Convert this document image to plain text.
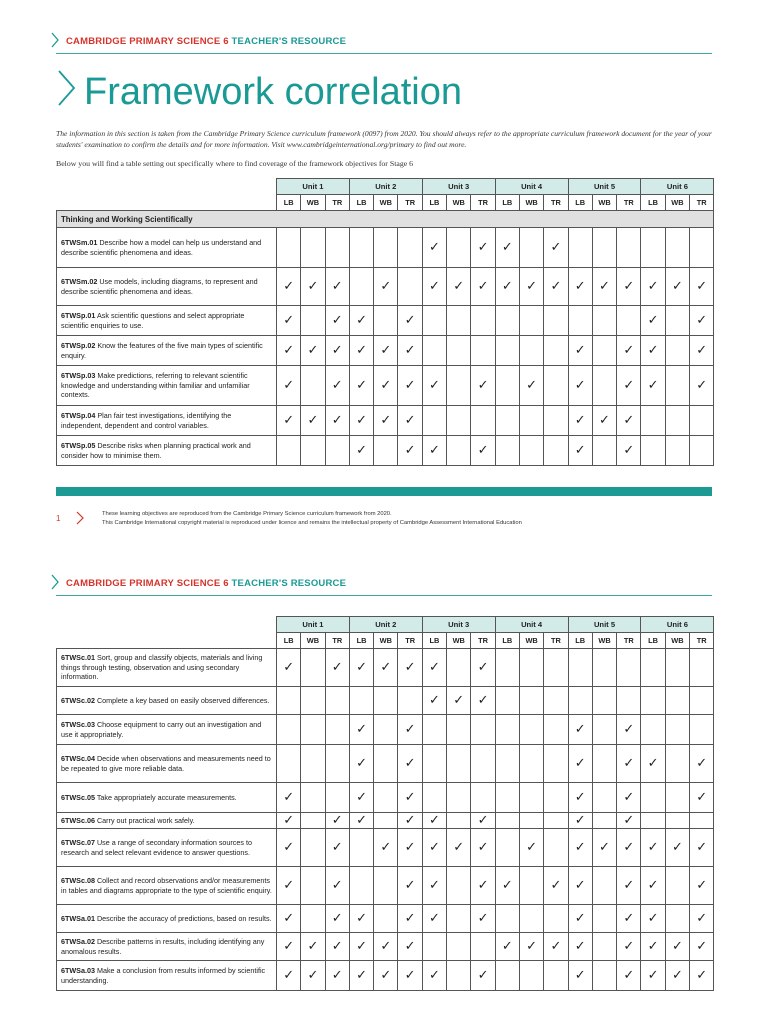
CAMBRIDGE PRIMARY SCIENCE 6 TEACHER'S RESOURCE
Framework correlation
The information in this section is taken from the Cambridge Primary Science curriculum framework (0097) from 2020. You should always refer to the appropriate curriculum framework document for the year of your students' examination to confirm the details and for more information. Visit www.cambridgeinternational.org/primary to find out more.
Below you will find a table setting out specifically where to find coverage of the framework objectives for Stage 6
	Unit 1			Unit 2			Unit 3			Unit 4			Unit 5			Unit 6		
	LB	WB	TR	LB	WB	TR	LB	WB	TR	LB	WB	TR	LB	WB	TR	LB	WB	TR
Thinking and Working Scientifically																		
6TWSm.01 Describe how a model can help us understand and describe scientific phenomena and ideas.							✓		✓	✓		✓						
6TWSm.02 Use models, including diagrams, to represent and describe scientific phenomena and ideas.	✓	✓	✓		✓		✓	✓	✓	✓	✓	✓	✓	✓	✓	✓	✓	✓
6TWSp.01 Ask scientific questions and select appropriate scientific enquiries to use.	✓		✓	✓		✓										✓		✓
6TWSp.02 Know the features of the five main types of scientific enquiry.	✓	✓	✓	✓	✓	✓							✓		✓	✓		✓
6TWSp.03 Make predictions, referring to relevant scientific knowledge and understanding within familiar and unfamiliar contexts.	✓		✓	✓	✓	✓	✓		✓		✓		✓		✓	✓		✓
6TWSp.04 Plan fair test investigations, identifying the independent, dependent and control variables.	✓	✓	✓	✓	✓	✓							✓	✓	✓			
6TWSp.05 Describe risks when planning practical work and consider how to minimise them.				✓		✓	✓		✓				✓		✓			
1	These learning objectives are reproduced from the Cambridge Primary Science curriculum framework from 2020.
This Cambridge International copyright material is reproduced under licence and remains the intellectual property of Cambridge Assessment International Education
CAMBRIDGE PRIMARY SCIENCE 6 TEACHER'S RESOURCE
	Unit 1			Unit 2			Unit 3			Unit 4			Unit 5			Unit 6		
	LB	WB	TR	LB	WB	TR	LB	WB	TR	LB	WB	TR	LB	WB	TR	LB	WB	TR
6TWSc.01 Sort, group and classify objects, materials and living things through testing, observation and using secondary information.	✓		✓	✓	✓	✓	✓		✓									
6TWSc.02 Complete a key based on easily observed differences.							✓	✓	✓									
6TWSc.03 Choose equipment to carry out an investigation and use it appropriately.				✓		✓							✓		✓			
6TWSc.04 Decide when observations and measurements need to be repeated to give more reliable data.				✓		✓							✓		✓	✓		✓
6TWSc.05 Take appropriately accurate measurements.	✓			✓		✓							✓		✓			✓
6TWSc.06 Carry out practical work safely.	✓		✓	✓		✓	✓		✓				✓		✓			
6TWSc.07 Use a range of secondary information sources to research and select relevant evidence to answer questions.	✓		✓		✓	✓	✓	✓	✓		✓		✓	✓	✓	✓	✓	✓
6TWSc.08 Collect and record observations and/or measurements in tables and diagrams appropriate to the type of scientific enquiry.	✓		✓			✓	✓		✓	✓		✓	✓		✓	✓		✓
6TWSa.01 Describe the accuracy of predictions, based on results.	✓		✓	✓		✓	✓		✓				✓		✓	✓		✓
6TWSa.02 Describe patterns in results, including identifying any anomalous results.	✓	✓	✓	✓	✓	✓				✓	✓	✓	✓		✓	✓	✓	✓
6TWSa.03 Make a conclusion from results informed by scientific understanding.	✓	✓	✓	✓	✓	✓	✓		✓				✓		✓	✓	✓	✓
